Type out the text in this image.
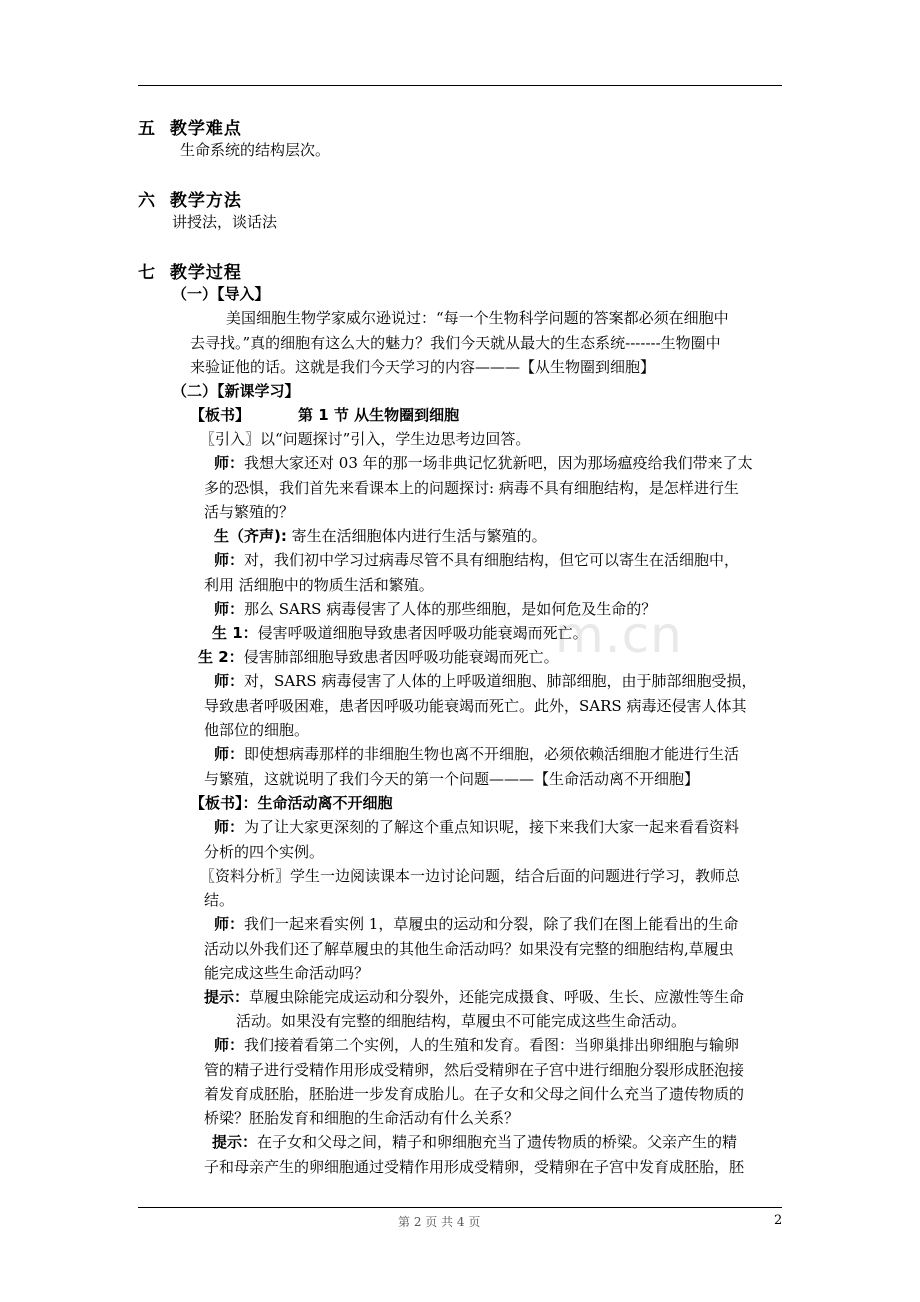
m.cn
五 教学难点
生命系统的结构层次。
六 教学方法
讲授法，谈话法
七 教学过程
（一）【导入】
美国细胞生物学家威尔逊说过：“每一个生物科学问题的答案都必须在细胞中
去寻找。”真的细胞有这么大的魅力？我们今天就从最大的生态系统-------生物圈中
来验证他的话。这就是我们今天学习的内容———【从生物圈到细胞】
（二）【新课学习】
【板书】	第 1 节 从生物圈到细胞
〖引入〗以“问题探讨”引入，学生边思考边回答。
师：我想大家还对 03 年的那一场非典记忆犹新吧，因为那场瘟疫给我们带来了太
多的恐惧，我们首先来看课本上的问题探讨: 病毒不具有细胞结构，是怎样进行生
活与繁殖的？
生（齐声): 寄生在活细胞体内进行生活与繁殖的。
师：对，我们初中学习过病毒尽管不具有细胞结构，但它可以寄生在活细胞中，
利用 活细胞中的物质生活和繁殖。
师：那么 SARS 病毒侵害了人体的那些细胞，是如何危及生命的？
生 1：侵害呼吸道细胞导致患者因呼吸功能衰竭而死亡。
生 2：侵害肺部细胞导致患者因呼吸功能衰竭而死亡。
师：对，SARS 病毒侵害了人体的上呼吸道细胞、肺部细胞，由于肺部细胞受损，
导致患者呼吸困难，患者因呼吸功能衰竭而死亡。此外，SARS 病毒还侵害人体其
他部位的细胞。
师：即使想病毒那样的非细胞生物也离不开细胞，必须依赖活细胞才能进行生活
与繁殖，这就说明了我们今天的第一个问题———【生命活动离不开细胞】
【板书】：生命活动离不开细胞
师：为了让大家更深刻的了解这个重点知识呢，接下来我们大家一起来看看资料
分析的四个实例。
〖资料分析〗学生一边阅读课本一边讨论问题，结合后面的问题进行学习，教师总
结。
师：我们一起来看实例 1，草履虫的运动和分裂，除了我们在图上能看出的生命
活动以外我们还了解草履虫的其他生命活动吗？如果没有完整的细胞结构,草履虫
能完成这些生命活动吗？
提示：草履虫除能完成运动和分裂外，还能完成摄食、呼吸、生长、应激性等生命
活动。如果没有完整的细胞结构，草履虫不可能完成这些生命活动。
师：我们接着看第二个实例，人的生殖和发育。看图：当卵巢排出卵细胞与输卵
管的精子进行受精作用形成受精卵，然后受精卵在子宫中进行细胞分裂形成胚泡接
着发育成胚胎，胚胎进一步发育成胎儿。在子女和父母之间什么充当了遗传物质的
桥梁？胚胎发育和细胞的生命活动有什么关系？
提示：在子女和父母之间，精子和卵细胞充当了遗传物质的桥梁。父亲产生的精
子和母亲产生的卵细胞通过受精作用形成受精卵，受精卵在子宫中发育成胚胎，胚
第 2 页 共 4 页	2
